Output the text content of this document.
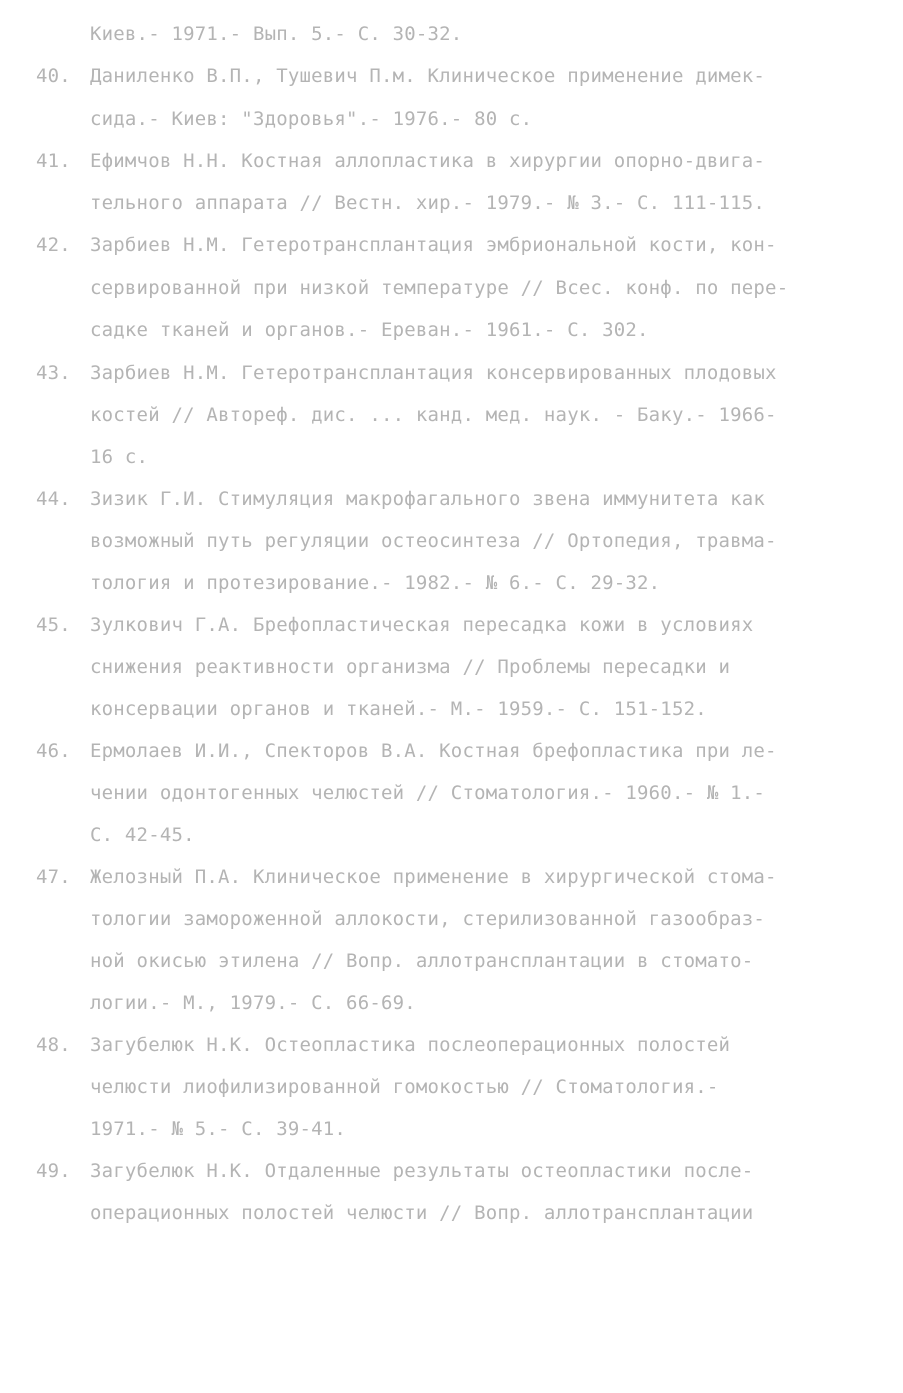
Киев.- 1971.- Вып. 5.- С. 30-32.
40. Даниленко В.П., Тушевич П.м. Клиническое применение димек-
сида.- Киев: "Здоровья".- 1976.- 80 с.
41. Ефимчов Н.Н. Костная аллопластика в хирургии опорно-двига-
тельного аппарата // Вестн. хир.- 1979.- № 3.- С. 111-115.
42. Зарбиев Н.М. Гетеротрансплантация эмбриональной кости, кон-
сервированной при низкой температуре // Всес. конф. по пере-
садке тканей и органов.- Ереван.- 1961.- С. 302.
43. Зарбиев Н.М. Гетеротрансплантация консервированных плодовых
костей // Автореф. дис. ... канд. мед. наук. - Баку.- 1966-
16 с.
44. Зизик Г.И. Стимуляция макрофагального звена иммунитета как
возможный путь регуляции остеосинтеза // Ортопедия, травма-
тология и протезирование.- 1982.- № 6.- С. 29-32.
45. Зулкович Г.А. Брефопластическая пересадка кожи в условиях
снижения реактивности организма // Проблемы пересадки и
консервации органов и тканей.- М.- 1959.- С. 151-152.
46. Ермолаев И.И., Спекторов В.А. Костная брефопластика при ле-
чении одонтогенных челюстей // Стоматология.- 1960.- № 1.-
С. 42-45.
47. Желозный П.А. Клиническое применение в хирургической стома-
тологии замороженной аллокости, стерилизованной газообраз-
ной окисью этилена // Вопр. аллотрансплантации в стомато-
логии.- М., 1979.- С. 66-69.
48. Загубелюк Н.К. Остеопластика послеоперационных полостей
челюсти лиофилизированной гомокостью // Стоматология.-
1971.- № 5.- С. 39-41.
49. Загубелюк Н.К. Отдаленные результаты остеопластики после-
операционных полостей челюсти // Вопр. аллотрансплантации
